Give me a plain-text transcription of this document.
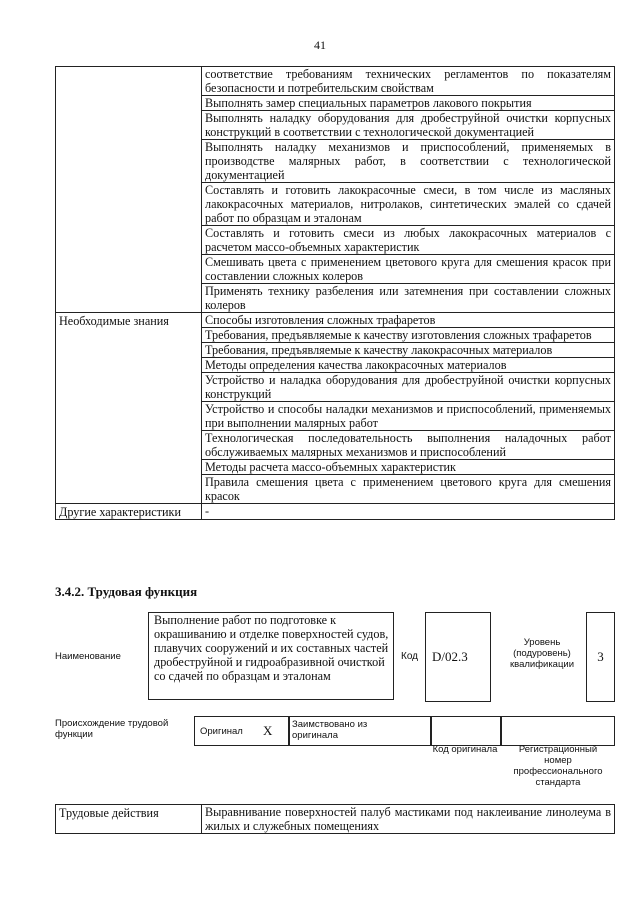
41
	соответствие требованиям технических регламентов по показателям безопасности и потребительским свойствам
	Выполнять замер специальных параметров лакового покрытия
	Выполнять наладку оборудования для дробеструйной очистки корпусных конструкций в соответствии с технологической документацией
	Выполнять наладку механизмов и приспособлений, применяемых в производстве малярных работ, в соответствии с технологической документацией
	Составлять и готовить лакокрасочные смеси, в том числе из масляных лакокрасочных материалов, нитролаков, синтетических эмалей со сдачей работ по образцам и эталонам
	Составлять и готовить смеси из любых лакокрасочных материалов с расчетом массо-объемных характеристик
	Смешивать цвета с применением цветового круга для смешения красок при составлении сложных колеров
	Применять технику разбеления или затемнения при составлении сложных колеров
Необходимые знания	Способы изготовления сложных трафаретов
	Требования, предъявляемые к качеству изготовления сложных трафаретов
	Требования, предъявляемые к качеству лакокрасочных материалов
	Методы определения качества лакокрасочных материалов
	Устройство и наладка оборудования для дробеструйной очистки корпусных конструкций
	Устройство и способы наладки механизмов и приспособлений, применяемых при выполнении малярных работ
	Технологическая последовательность выполнения наладочных работ обслуживаемых малярных механизмов и приспособлений
	Методы расчета массо-объемных характеристик
	Правила смешения цвета с применением цветового круга для смешения красок
Другие характеристики	-
3.4.2. Трудовая функция
Наименование
Выполнение работ по подготовке к окрашиванию и отделке поверхностей судов, плавучих сооружений и их составных частей дробеструйной и гидроабразивной очисткой со сдачей по образцам и эталонам
Код D/02.3
Уровень (подуровень) квалификации
3
Происхождение трудовой функции	Оригинал X Заимствовано из оригинала
Код оригинала	Регистрационный номер профессионального стандарта
Трудовые действия	Выравнивание поверхностей палуб мастиками под наклеивание линолеума в жилых и служебных помещениях
